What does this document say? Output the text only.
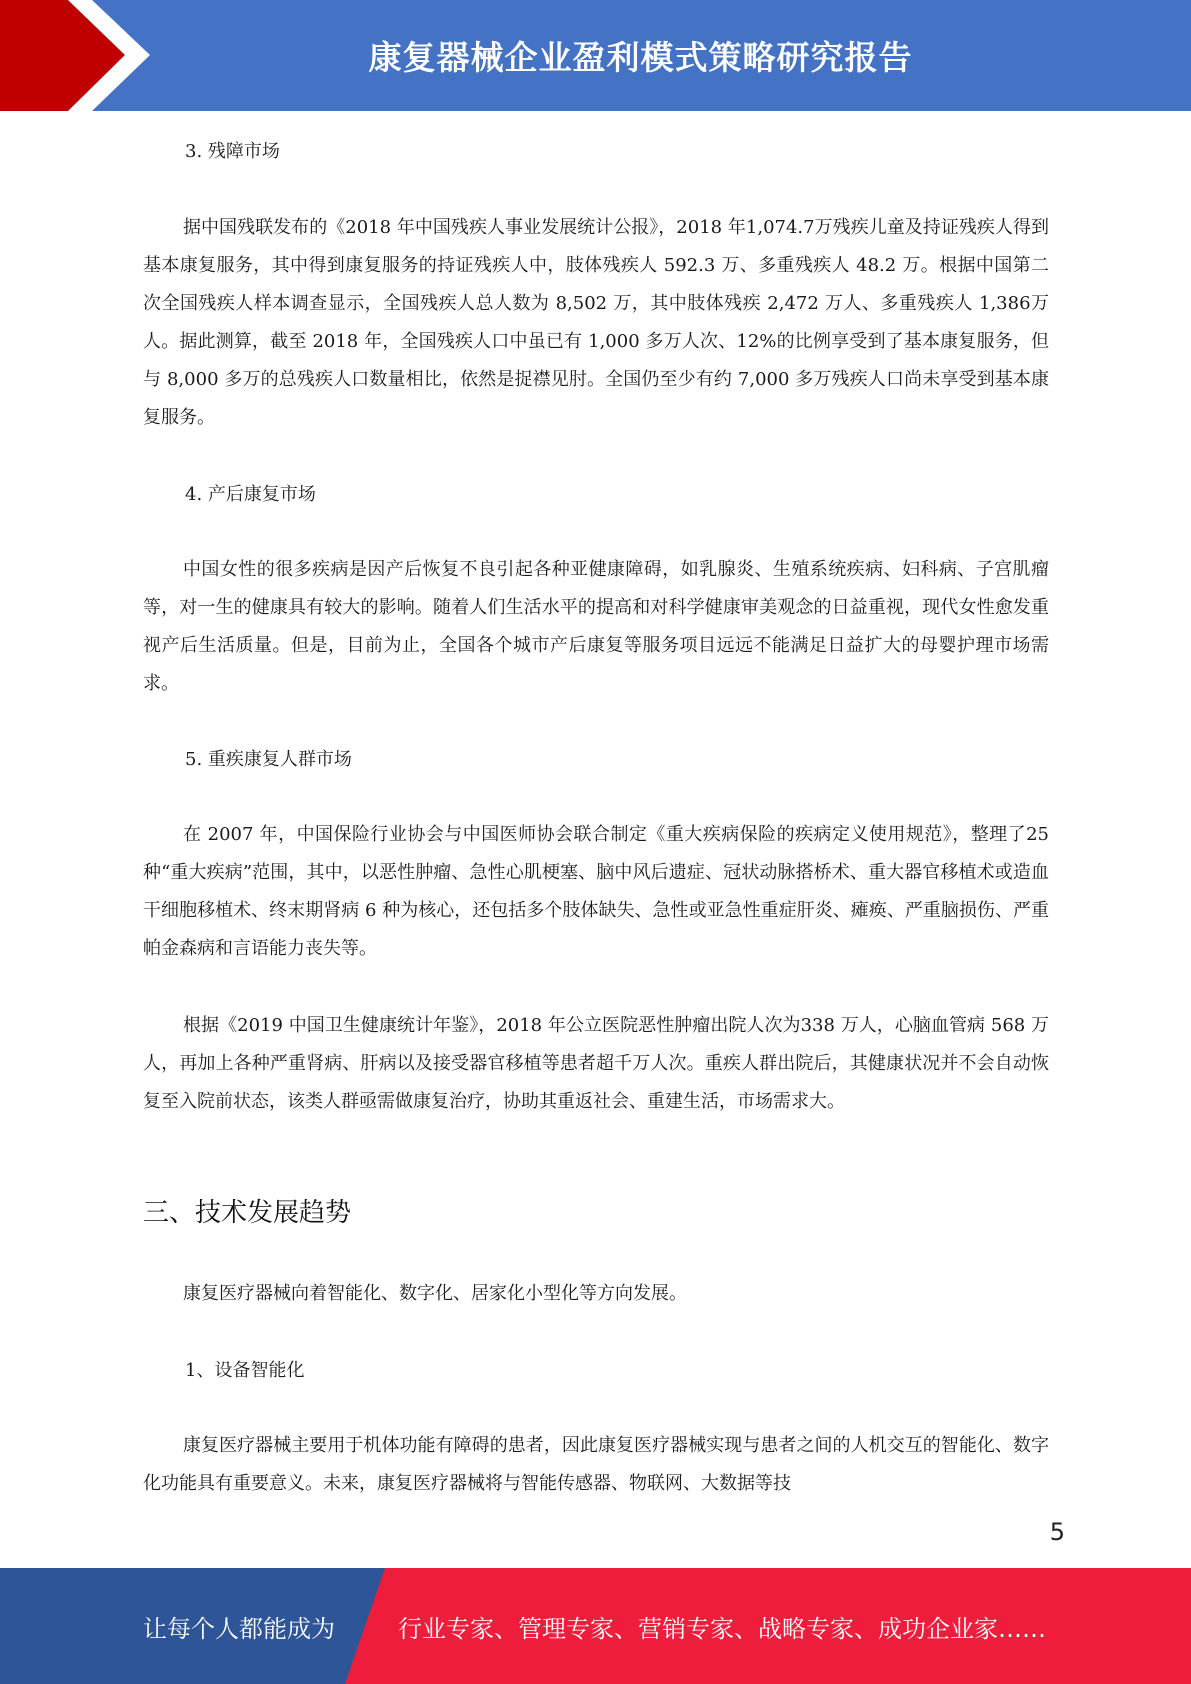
康复器械企业盈利模式策略研究报告

3. 残障市场

据中国残联发布的《2018 年中国残疾人事业发展统计公报》，2018 年1,074.7万残疾儿童及持证残疾人得到基本康复服务，其中得到康复服务的持证残疾人中，肢体残疾人 592.3 万、多重残疾人 48.2 万。根据中国第二次全国残疾人样本调查显示，全国残疾人总人数为 8,502 万，其中肢体残疾 2,472 万人、多重残疾人 1,386万人。据此测算，截至 2018 年，全国残疾人口中虽已有 1,000 多万人次、12%的比例享受到了基本康复服务，但与 8,000 多万的总残疾人口数量相比，依然是捉襟见肘。全国仍至少有约 7,000 多万残疾人口尚未享受到基本康复服务。

4. 产后康复市场

中国女性的很多疾病是因产后恢复不良引起各种亚健康障碍，如乳腺炎、生殖系统疾病、妇科病、子宫肌瘤等，对一生的健康具有较大的影响。随着人们生活水平的提高和对科学健康审美观念的日益重视，现代女性愈发重视产后生活质量。但是，目前为止，全国各个城市产后康复等服务项目远远不能满足日益扩大的母婴护理市场需求。

5. 重疾康复人群市场

在 2007 年，中国保险行业协会与中国医师协会联合制定《重大疾病保险的疾病定义使用规范》，整理了25种“重大疾病”范围，其中，以恶性肿瘤、急性心肌梗塞、脑中风后遗症、冠状动脉搭桥术、重大器官移植术或造血干细胞移植术、终末期肾病 6 种为核心，还包括多个肢体缺失、急性或亚急性重症肝炎、瘫痪、严重脑损伤、严重帕金森病和言语能力丧失等。

根据《2019 中国卫生健康统计年鉴》，2018 年公立医院恶性肿瘤出院人次为338 万人，心脑血管病 568 万人，再加上各种严重肾病、肝病以及接受器官移植等患者超千万人次。重疾人群出院后，其健康状况并不会自动恢复至入院前状态，该类人群亟需做康复治疗，协助其重返社会、重建生活，市场需求大。

三、技术发展趋势

康复医疗器械向着智能化、数字化、居家化小型化等方向发展。

1、设备智能化

康复医疗器械主要用于机体功能有障碍的患者，因此康复医疗器械实现与患者之间的人机交互的智能化、数字化功能具有重要意义。未来，康复医疗器械将与智能传感器、物联网、大数据等技

5
让每个人都能成为	行业专家、管理专家、营销专家、战略专家、成功企业家……
